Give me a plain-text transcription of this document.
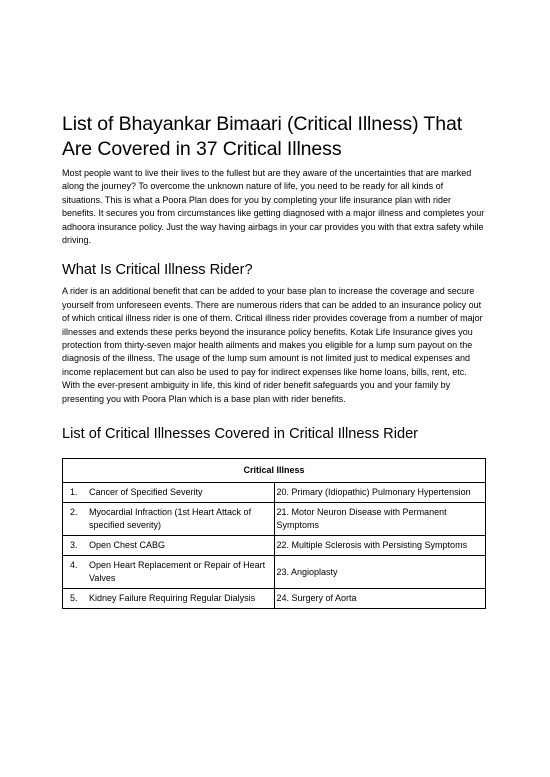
List of Bhayankar Bimaari (Critical Illness) That Are Covered in 37 Critical Illness

Most people want to live their lives to the fullest but are they aware of the uncertainties that are marked along the journey? To overcome the unknown nature of life, you need to be ready for all kinds of situations. This is what a Poora Plan does for you by completing your life insurance plan with rider benefits. It secures you from circumstances like getting diagnosed with a major illness and completes your adhoora insurance policy. Just the way having airbags in your car provides you with that extra safety while driving.

What Is Critical Illness Rider?

A rider is an additional benefit that can be added to your base plan to increase the coverage and secure yourself from unforeseen events. There are numerous riders that can be added to an insurance policy out of which critical illness rider is one of them. Critical illness rider provides coverage from a number of major illnesses and extends these perks beyond the insurance policy benefits. Kotak Life Insurance gives you protection from thirty-seven major health ailments and makes you eligible for a lump sum payout on the diagnosis of the illness. The usage of the lump sum amount is not limited just to medical expenses and income replacement but can also be used to pay for indirect expenses like home loans, bills, rent, etc. With the ever-present ambiguity in life, this kind of rider benefit safeguards you and your family by presenting you with Poora Plan which is a base plan with rider benefits.

List of Critical Illnesses Covered in Critical Illness Rider
Critical Illness	

1. Cancer of Specified Severity	20. Primary (Idiopathic) Pulmonary Hypertension

2. Myocardial Infraction (1st Heart Attack of specified severity)	21. Motor Neuron Disease with Permanent Symptoms

3. Open Chest CABG	22. Multiple Sclerosis with Persisting Symptoms

4. Open Heart Replacement or Repair of Heart Valves	23. Angioplasty

5. Kidney Failure Requiring Regular Dialysis	24. Surgery of Aorta
